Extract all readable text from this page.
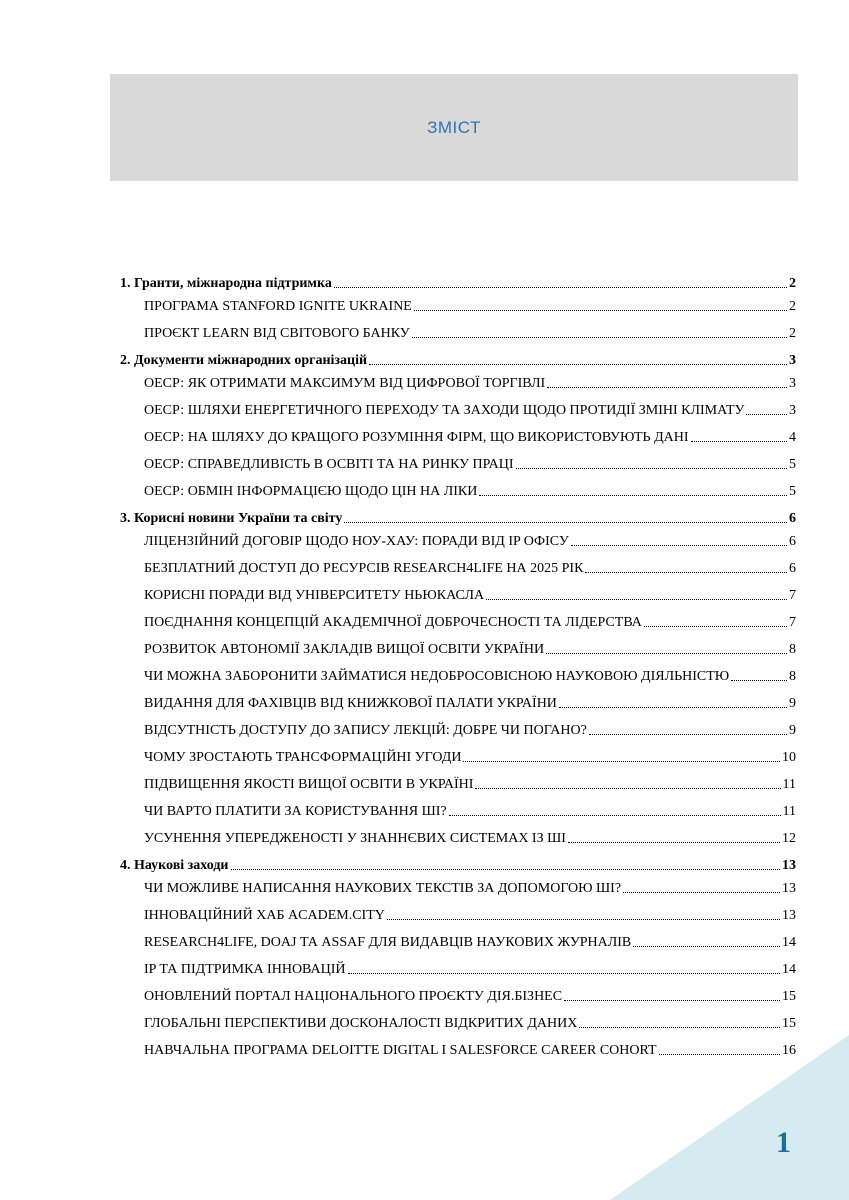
ЗМІСТ
1. Гранти, міжнародна підтримка	2
ПРОГРАМА STANFORD IGNITE UKRAINE	2
ПРОЄКТ LEARN ВІД СВІТОВОГО БАНКУ	2
2. Документи міжнародних організацій	3
ОЕСР: ЯК ОТРИМАТИ МАКСИМУМ ВІД ЦИФРОВОЇ ТОРГІВЛІ	3
ОЕСР: ШЛЯХИ ЕНЕРГЕТИЧНОГО ПЕРЕХОДУ ТА ЗАХОДИ ЩОДО ПРОТИДІЇ ЗМІНІ КЛІМАТУ	3
ОЕСР: НА ШЛЯХУ ДО КРАЩОГО РОЗУМІННЯ ФІРМ, ЩО ВИКОРИСТОВУЮТЬ ДАНІ	4
ОЕСР: СПРАВЕДЛИВІСТЬ В ОСВІТІ ТА НА РИНКУ ПРАЦІ	5
ОЕСР: ОБМІН ІНФОРМАЦІЄЮ ЩОДО ЦІН НА ЛІКИ	5
3. Корисні новини України та світу	6
ЛІЦЕНЗІЙНИЙ ДОГОВІР ЩОДО НОУ-ХАУ: ПОРАДИ ВІД IP ОФІСУ	6
БЕЗПЛАТНИЙ ДОСТУП ДО РЕСУРСІВ RESEARCH4LIFE НА 2025 РІК	6
КОРИСНІ ПОРАДИ ВІД УНІВЕРСИТЕТУ НЬЮКАСЛА	7
ПОЄДНАННЯ КОНЦЕПЦІЙ АКАДЕМІЧНОЇ ДОБРОЧЕСНОСТІ ТА ЛІДЕРСТВА	7
РОЗВИТОК АВТОНОМІЇ ЗАКЛАДІВ ВИЩОЇ ОСВІТИ УКРАЇНИ	8
ЧИ МОЖНА ЗАБОРОНИТИ ЗАЙМАТИСЯ НЕДОБРОСОВІСНОЮ НАУКОВОЮ ДІЯЛЬНІСТЮ	8
ВИДАННЯ ДЛЯ ФАХІВЦІВ ВІД КНИЖКОВОЇ ПАЛАТИ УКРАЇНИ	9
ВІДСУТНІСТЬ ДОСТУПУ ДО ЗАПИСУ ЛЕКЦІЙ: ДОБРЕ ЧИ ПОГАНО?	9
ЧОМУ ЗРОСТАЮТЬ ТРАНСФОРМАЦІЙНІ УГОДИ	10
ПІДВИЩЕННЯ ЯКОСТІ ВИЩОЇ ОСВІТИ В УКРАЇНІ	11
ЧИ ВАРТО ПЛАТИТИ ЗА КОРИСТУВАННЯ ШІ?	11
УСУНЕННЯ УПЕРЕДЖЕНОСТІ У ЗНАННЄВИХ СИСТЕМАХ ІЗ ШІ	12
4. Наукові заходи	13
ЧИ МОЖЛИВЕ НАПИСАННЯ НАУКОВИХ ТЕКСТІВ ЗА ДОПОМОГОЮ ШІ?	13
ІННОВАЦІЙНИЙ ХАБ ACADEM.CITY	13
RESEARCH4LIFE, DOAJ ТА ASSAF ДЛЯ ВИДАВЦІВ НАУКОВИХ ЖУРНАЛІВ	14
IP ТА ПІДТРИМКА ІННОВАЦІЙ	14
ОНОВЛЕНИЙ ПОРТАЛ НАЦІОНАЛЬНОГО ПРОЄКТУ ДІЯ.БІЗНЕС	15
ГЛОБАЛЬНІ ПЕРСПЕКТИВИ ДОСКОНАЛОСТІ ВІДКРИТИХ ДАНИХ	15
НАВЧАЛЬНА ПРОГРАМА DELOITTE DIGITAL І SALESFORCE CAREER COHORT	16
1
